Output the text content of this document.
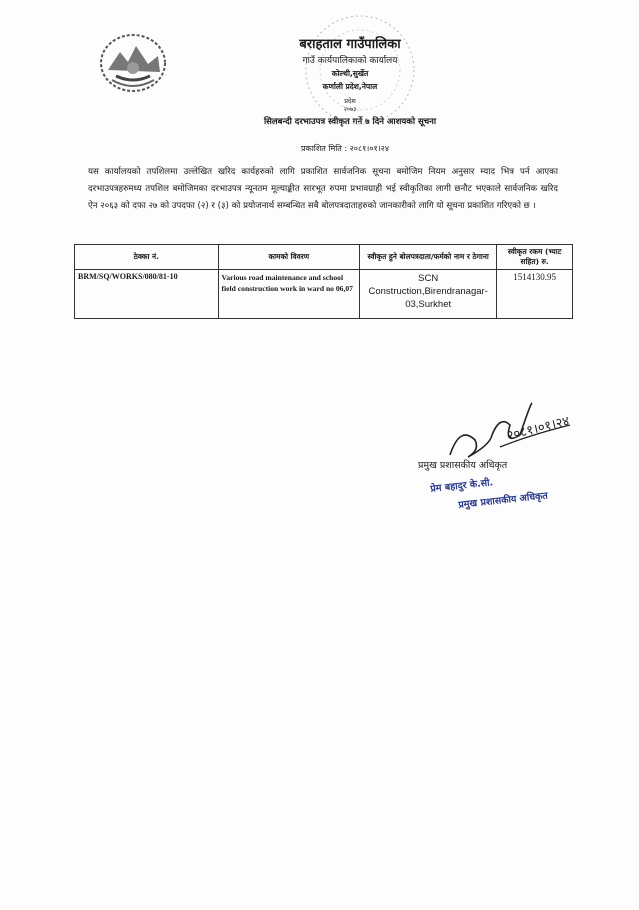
बराहताल गाउँपालिका
गाउँ कार्यपालिकाको कार्यालय
कोल्थी,सुर्खेत
कर्णाली प्रदेश,नेपाल
प्रदेश
२०७३
सिलबन्दी दरभाउपत्र स्वीकृत गर्ने ७ दिने आशयको सूचना
प्रकाशित मिति : २०८१।०१।२४
यस कार्यालयको तपशिलमा उल्लेखित खरिद कार्यहरुको लागि प्रकाशित सार्वजनिक सूचना बमोजिम नियम अनुसार म्याद भित्र पर्न आएका दरभाउपत्रहरुमध्य तपशिल बमोजिमका दरभाउपत्र न्यूनतम मूल्याङ्कीत सारभूत रुपमा प्रभावग्राही भई स्वीकृतिका लागी छनौट भएकाले सार्वजनिक खरिद ऐन २०६३ को दफा २७ को उपदफा (२) र (३) को प्रयोजनार्थ सम्बन्धित सबै बोलपत्रदाताहरुको जानकारीको लागि यो सूचना प्रकाशित गरिएको छ ।
ठेक्का नं.	कामको विवरण	स्वीकृत हुने बोलपत्रदाता/फर्मको नाम र ठेगाना	स्वीकृत रकम (भ्याट सहित) रु.
BRM/SQ/WORKS/080/81-10	Various road maintenance and school field construction work in ward no 06,07	SCN Construction,Birendranagar-03,Surkhet	1514130.95
२०८१।०१।२४
प्रमुख प्रशासकीय अधिकृत
प्रेम बहादुर के.सी.
प्रमुख प्रशासकीय अधिकृत
